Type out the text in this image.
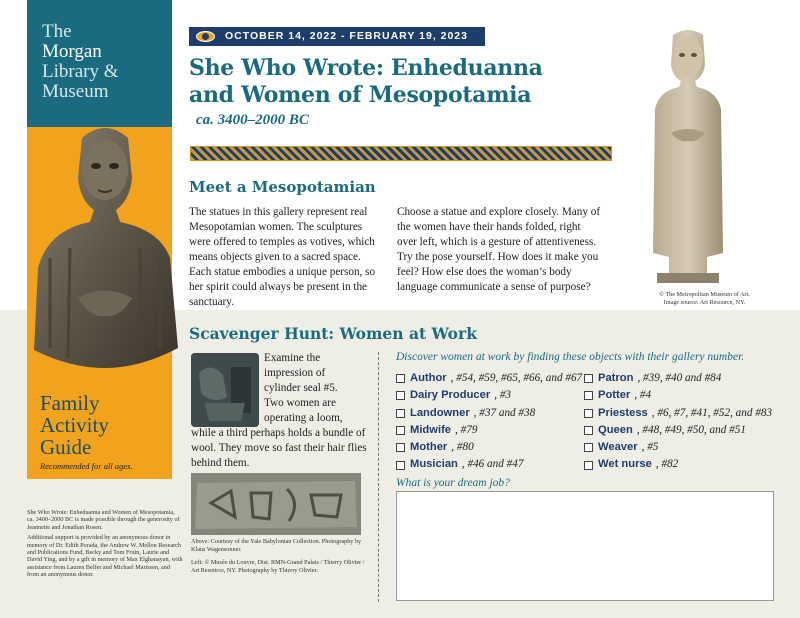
The
Morgan
Library &
Museum
Family
Activity
Guide
Recommended for all ages.

She Who Wrote: Enheduanna and Women of Mesopotamia, ca. 3400–2000 BC is made possible through the generosity of Jeannette and Jonathan Rosen.

Additional support is provided by an anonymous donor in memory of Dr. Edith Porada, the Andrew W. Mellon Research and Publications Fund, Becky and Tom Fruin, Laurie and David Ying, and by a gift in memory of Max Elghanayan, with assistance from Lauren Belfer and Michael Marissen, and from an anonymous donor.

OCTOBER 14, 2022 - FEBRUARY 19, 2023
She Who Wrote: Enheduanna
and Women of Mesopotamia
ca. 3400–2000 BC
Meet a Mesopotamian
The statues in this gallery represent real Mesopotamian women. The sculptures were offered to temples as votives, which means objects given to a sacred space. Each statue embodies a unique person, so her spirit could always be present in the sanctuary.
Choose a statue and explore closely. Many of the women have their hands folded, right over left, which is a gesture of attentiveness. Try the pose yourself. How does it make you feel? How else does the woman’s body language communicate a sense of purpose?
© The Metropolitan Museum of Art.
Image source: Art Resource, NY.
Scavenger Hunt: Women at Work
Examine the
impression of
cylinder seal #5.
Two women are
operating a loom,
while a third perhaps holds a bundle of wool. They move so fast their hair flies behind them.

Above: Courtesy of the Yale Babylonian Collection. Photography by Klaus Wagensonner.

Left: © Musée du Louvre, Dist. RMN-Grand Palais / Thierry Olivier / Art Resource, NY. Photography by Thierry Olivier.

Discover women at work by finding these objects with their gallery number.
Author , #54, #59, #65, #66, and #67
Dairy Producer , #3
Landowner , #37 and #38
Midwife , #79
Mother , #80
Musician , #46 and #47
Patron , #39, #40 and #84
Potter , #4
Priestess , #6, #7, #41, #52, and #83
Queen , #48, #49, #50, and #51
Weaver , #5
Wet nurse , #82
What is your dream job?
